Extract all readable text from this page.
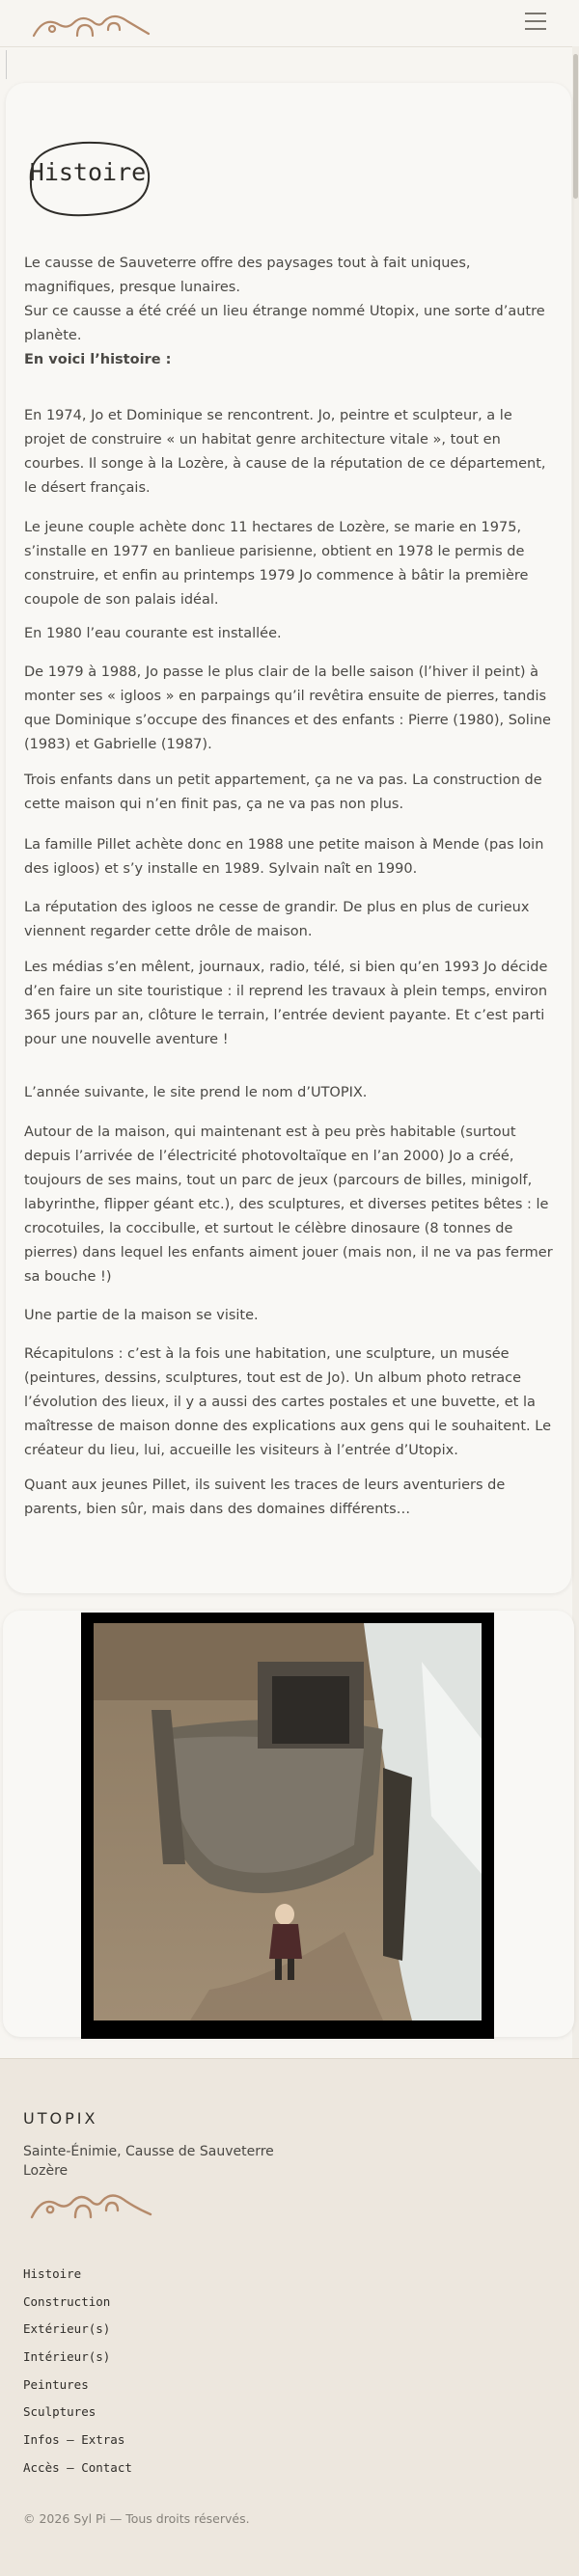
Histoire

Le causse de Sauveterre offre des paysages tout à fait uniques, magnifiques, presque lunaires.

Sur ce causse a été créé un lieu étrange nommé Utopix, une sorte d’autre planète.

En voici l’histoire :

En 1974, Jo et Dominique se rencontrent. Jo, peintre et sculpteur, a le projet de construire « un habitat genre architecture vitale », tout en courbes. Il songe à la Lozère, à cause de la réputation de ce département, le désert français.

Le jeune couple achète donc 11 hectares de Lozère, se marie en 1975, s’installe en 1977 en banlieue parisienne, obtient en 1978 le permis de construire, et enfin au printemps 1979 Jo commence à bâtir la première coupole de son palais idéal.

En 1980 l’eau courante est installée.

De 1979 à 1988, Jo passe le plus clair de la belle saison (l’hiver il peint) à monter ses « igloos » en parpaings qu’il revêtira ensuite de pierres, tandis que Dominique s’occupe des finances et des enfants : Pierre (1980), Soline (1983) et Gabrielle (1987).

Trois enfants dans un petit appartement, ça ne va pas. La construction de cette maison qui n’en finit pas, ça ne va pas non plus.

La famille Pillet achète donc en 1988 une petite maison à Mende (pas loin des igloos) et s’y installe en 1989. Sylvain naît en 1990.

La réputation des igloos ne cesse de grandir. De plus en plus de curieux viennent regarder cette drôle de maison.

Les médias s’en mêlent, journaux, radio, télé, si bien qu’en 1993 Jo décide d’en faire un site touristique : il reprend les travaux à plein temps, environ 365 jours par an, clôture le terrain, l’entrée devient payante. Et c’est parti pour une nouvelle aventure !

L’année suivante, le site prend le nom d’UTOPIX.

Autour de la maison, qui maintenant est à peu près habitable (surtout depuis l’arrivée de l’électricité photovoltaïque en l’an 2000) Jo a créé, toujours de ses mains, tout un parc de jeux (parcours de billes, minigolf, labyrinthe, flipper géant etc.), des sculptures, et diverses petites bêtes : le crocotuiles, la coccibulle, et surtout le célèbre dinosaure (8 tonnes de pierres) dans lequel les enfants aiment jouer (mais non, il ne va pas fermer sa bouche !)

Une partie de la maison se visite.

Récapitulons : c’est à la fois une habitation, une sculpture, un musée (peintures, dessins, sculptures, tout est de Jo). Un album photo retrace l’évolution des lieux, il y a aussi des cartes postales et une buvette, et la maîtresse de maison donne des explications aux gens qui le souhaitent. Le créateur du lieu, lui, accueille les visiteurs à l’entrée d’Utopix.

Quant aux jeunes Pillet, ils suivent les traces de leurs aventuriers de parents, bien sûr, mais dans des domaines différents…

UTOPIX
Sainte-Énimie, Causse de Sauveterre
Lozère
Histoire
Construction
Extérieur(s)
Intérieur(s)
Peintures
Sculptures
Infos – Extras
Accès – Contact
© 2026 Syl Pi — Tous droits réservés.
